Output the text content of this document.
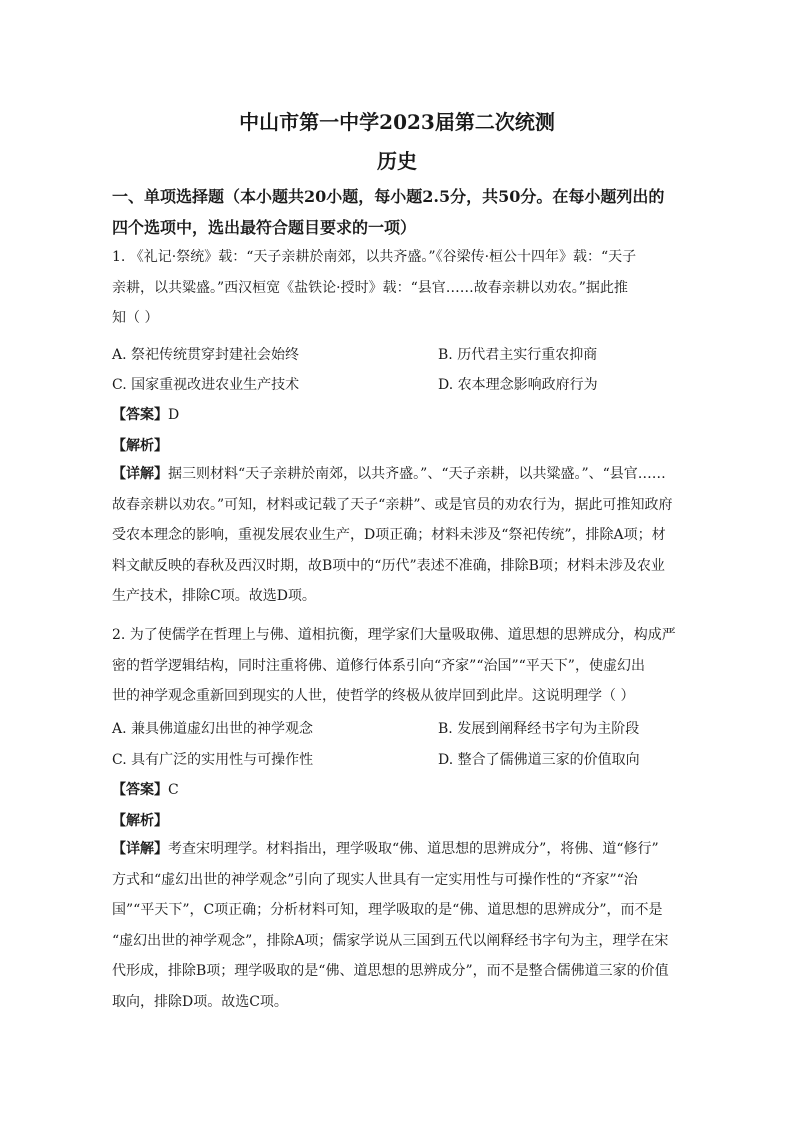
中山市第一中学2023届第二次统测
历史
一、单项选择题（本小题共20小题，每小题2.5分，共50分。在每小题列出的
四个选项中，选出最符合题目要求的一项）
1. 《礼记·祭统》载：“天子亲耕於南郊，以共齐盛。”《谷梁传·桓公十四年》载：“天子
亲耕，以共粱盛。”西汉桓宽《盐铁论·授时》载：“县官……故春亲耕以劝农。”据此推
知（ ）
A. 祭祀传统贯穿封建社会始终	B. 历代君主实行重农抑商
C. 国家重视改进农业生产技术	D. 农本理念影响政府行为
【答案】D
【解析】
【详解】据三则材料“天子亲耕於南郊，以共齐盛。”、“天子亲耕，以共粱盛。”、“县官……
故春亲耕以劝农。”可知，材料或记载了天子“亲耕”、或是官员的劝农行为，据此可推知政府
受农本理念的影响，重视发展农业生产，D项正确；材料未涉及“祭祀传统”，排除A项；材
料文献反映的春秋及西汉时期，故B项中的“历代”表述不准确，排除B项；材料未涉及农业
生产技术，排除C项。故选D项。
2. 为了使儒学在哲理上与佛、道相抗衡，理学家们大量吸取佛、道思想的思辨成分，构成严
密的哲学逻辑结构，同时注重将佛、道修行体系引向“齐家”“治国”“平天下”，使虚幻出
世的神学观念重新回到现实的人世，使哲学的终极从彼岸回到此岸。这说明理学（ ）
A. 兼具佛道虚幻出世的神学观念	B. 发展到阐释经书字句为主阶段
C. 具有广泛的实用性与可操作性	D. 整合了儒佛道三家的价值取向
【答案】C
【解析】
【详解】考查宋明理学。材料指出，理学吸取“佛、道思想的思辨成分”，将佛、道“修行”
方式和“虚幻出世的神学观念”引向了现实人世具有一定实用性与可操作性的“齐家”“治
国”“平天下”，C项正确；分析材料可知，理学吸取的是“佛、道思想的思辨成分”，而不是
“虚幻出世的神学观念”，排除A项；儒家学说从三国到五代以阐释经书字句为主，理学在宋
代形成，排除B项；理学吸取的是“佛、道思想的思辨成分”，而不是整合儒佛道三家的价值
取向，排除D项。故选C项。
